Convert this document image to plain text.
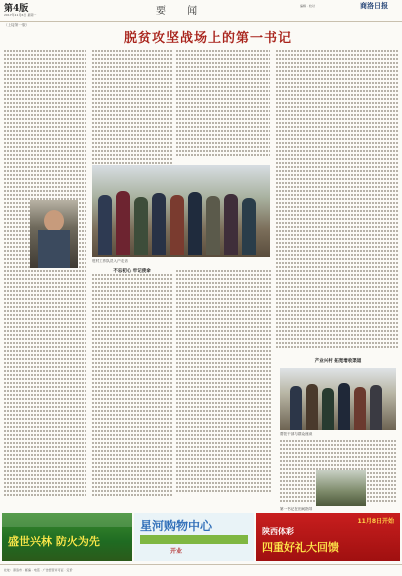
第4版
2017年11月6日 星期一	要 闻	编辑 · 校对	商洛日报
（上接第一版）
脱贫攻坚战场上的第一书记
驻村工作队员入户走访
不忘初心 牢记使命
产业兴村 拓宽增收渠道
帮扶干部与群众座谈
第一书记在田间指导
盛世兴林 防火为先
星河购物中心
开业
11月8日开始
陕西体彩
四重好礼大回馈
社址：商洛市 · 邮编 · 电话 · 广告经营许可证 · 定价
